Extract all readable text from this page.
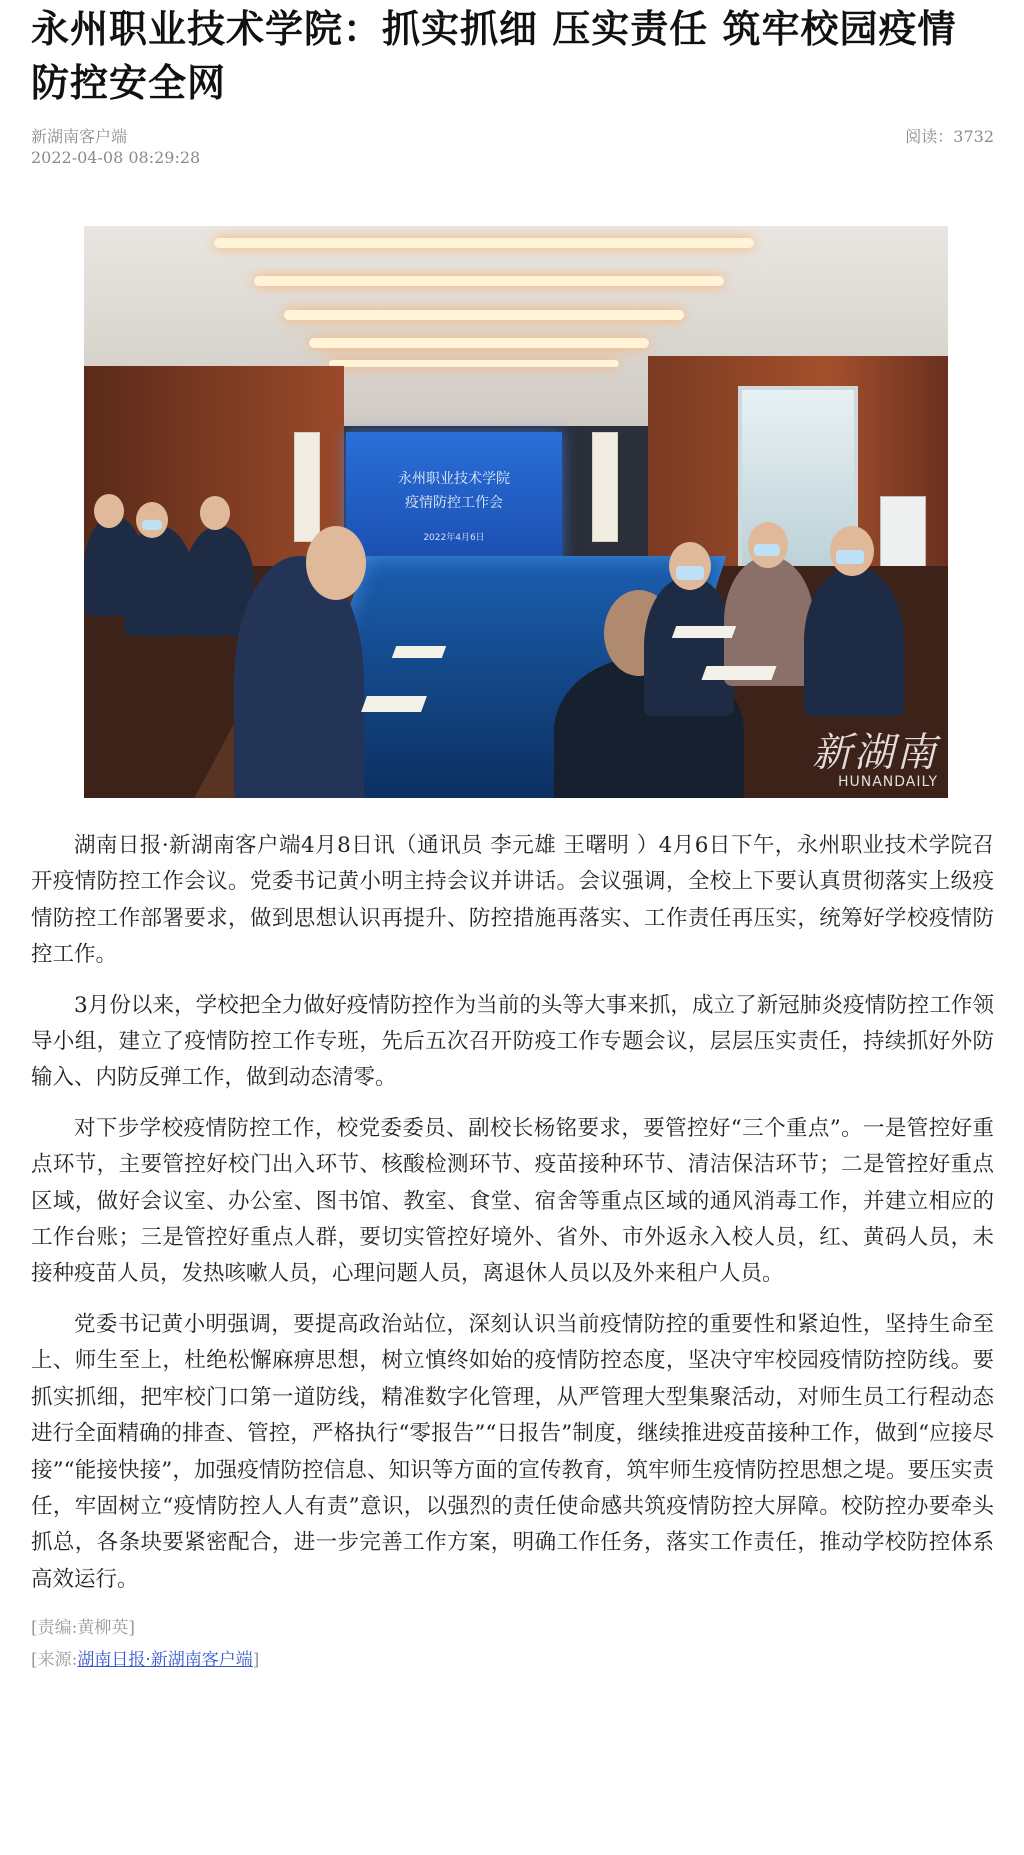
永州职业技术学院：抓实抓细 压实责任 筑牢校园疫情防控安全网
新湖南客户端
2022-04-08 08:29:28
阅读：3732
永州职业技术学院
疫情防控工作会
2022年4月6日
新湖南
HUNANDAILY

湖南日报·新湖南客户端4月8日讯（通讯员 李元雄 王曙明 ）4月6日下午，永州职业技术学院召开疫情防控工作会议。党委书记黄小明主持会议并讲话。会议强调，全校上下要认真贯彻落实上级疫情防控工作部署要求，做到思想认识再提升、防控措施再落实、工作责任再压实，统筹好学校疫情防控工作。

3月份以来，学校把全力做好疫情防控作为当前的头等大事来抓，成立了新冠肺炎疫情防控工作领导小组，建立了疫情防控工作专班，先后五次召开防疫工作专题会议，层层压实责任，持续抓好外防输入、内防反弹工作，做到动态清零。

对下步学校疫情防控工作，校党委委员、副校长杨铭要求，要管控好“三个重点”。一是管控好重点环节，主要管控好校门出入环节、核酸检测环节、疫苗接种环节、清洁保洁环节；二是管控好重点区域，做好会议室、办公室、图书馆、教室、食堂、宿舍等重点区域的通风消毒工作，并建立相应的工作台账；三是管控好重点人群，要切实管控好境外、省外、市外返永入校人员，红、黄码人员，未接种疫苗人员，发热咳嗽人员，心理问题人员，离退休人员以及外来租户人员。

党委书记黄小明强调，要提高政治站位，深刻认识当前疫情防控的重要性和紧迫性，坚持生命至上、师生至上，杜绝松懈麻痹思想，树立慎终如始的疫情防控态度，坚决守牢校园疫情防控防线。要抓实抓细，把牢校门口第一道防线，精准数字化管理，从严管理大型集聚活动，对师生员工行程动态进行全面精确的排查、管控，严格执行“零报告”“日报告”制度，继续推进疫苗接种工作，做到“应接尽接”“能接快接”，加强疫情防控信息、知识等方面的宣传教育，筑牢师生疫情防控思想之堤。要压实责任，牢固树立“疫情防控人人有责”意识，以强烈的责任使命感共筑疫情防控大屏障。校防控办要牵头抓总，各条块要紧密配合，进一步完善工作方案，明确工作任务，落实工作责任，推动学校防控体系高效运行。

[责编:黄柳英]
[来源:湖南日报·新湖南客户端]
